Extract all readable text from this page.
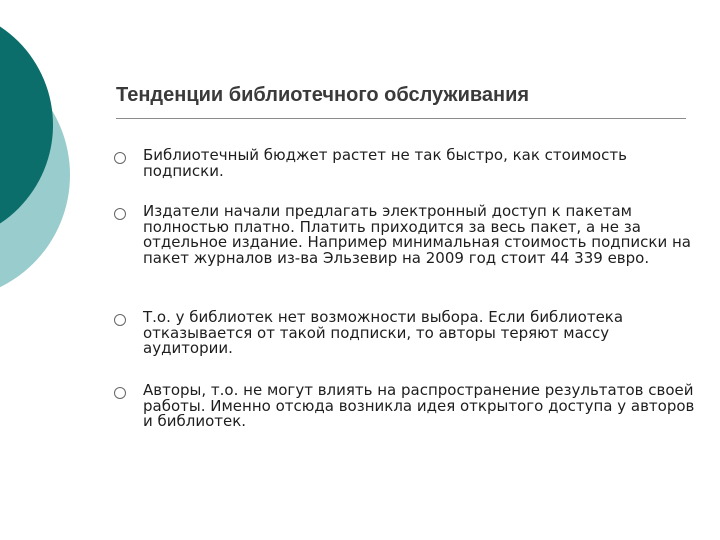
Тенденции библиотечного обслуживания
Библиотечный бюджет растет не так быстро, как стоимость подписки.
Издатели начали предлагать электронный доступ к пакетам полностью платно. Платить приходится за весь пакет, а не за отдельное издание. Например минимальная стоимость подписки на пакет журналов из-ва Эльзевир на 2009 год стоит 44 339 евро.
Т.о. у библиотек нет возможности выбора. Если библиотека отказывается от такой подписки, то авторы теряют массу аудитории.
Авторы, т.о. не могут влиять на распространение результатов своей работы. Именно отсюда возникла идея открытого доступа у авторов и библиотек.
